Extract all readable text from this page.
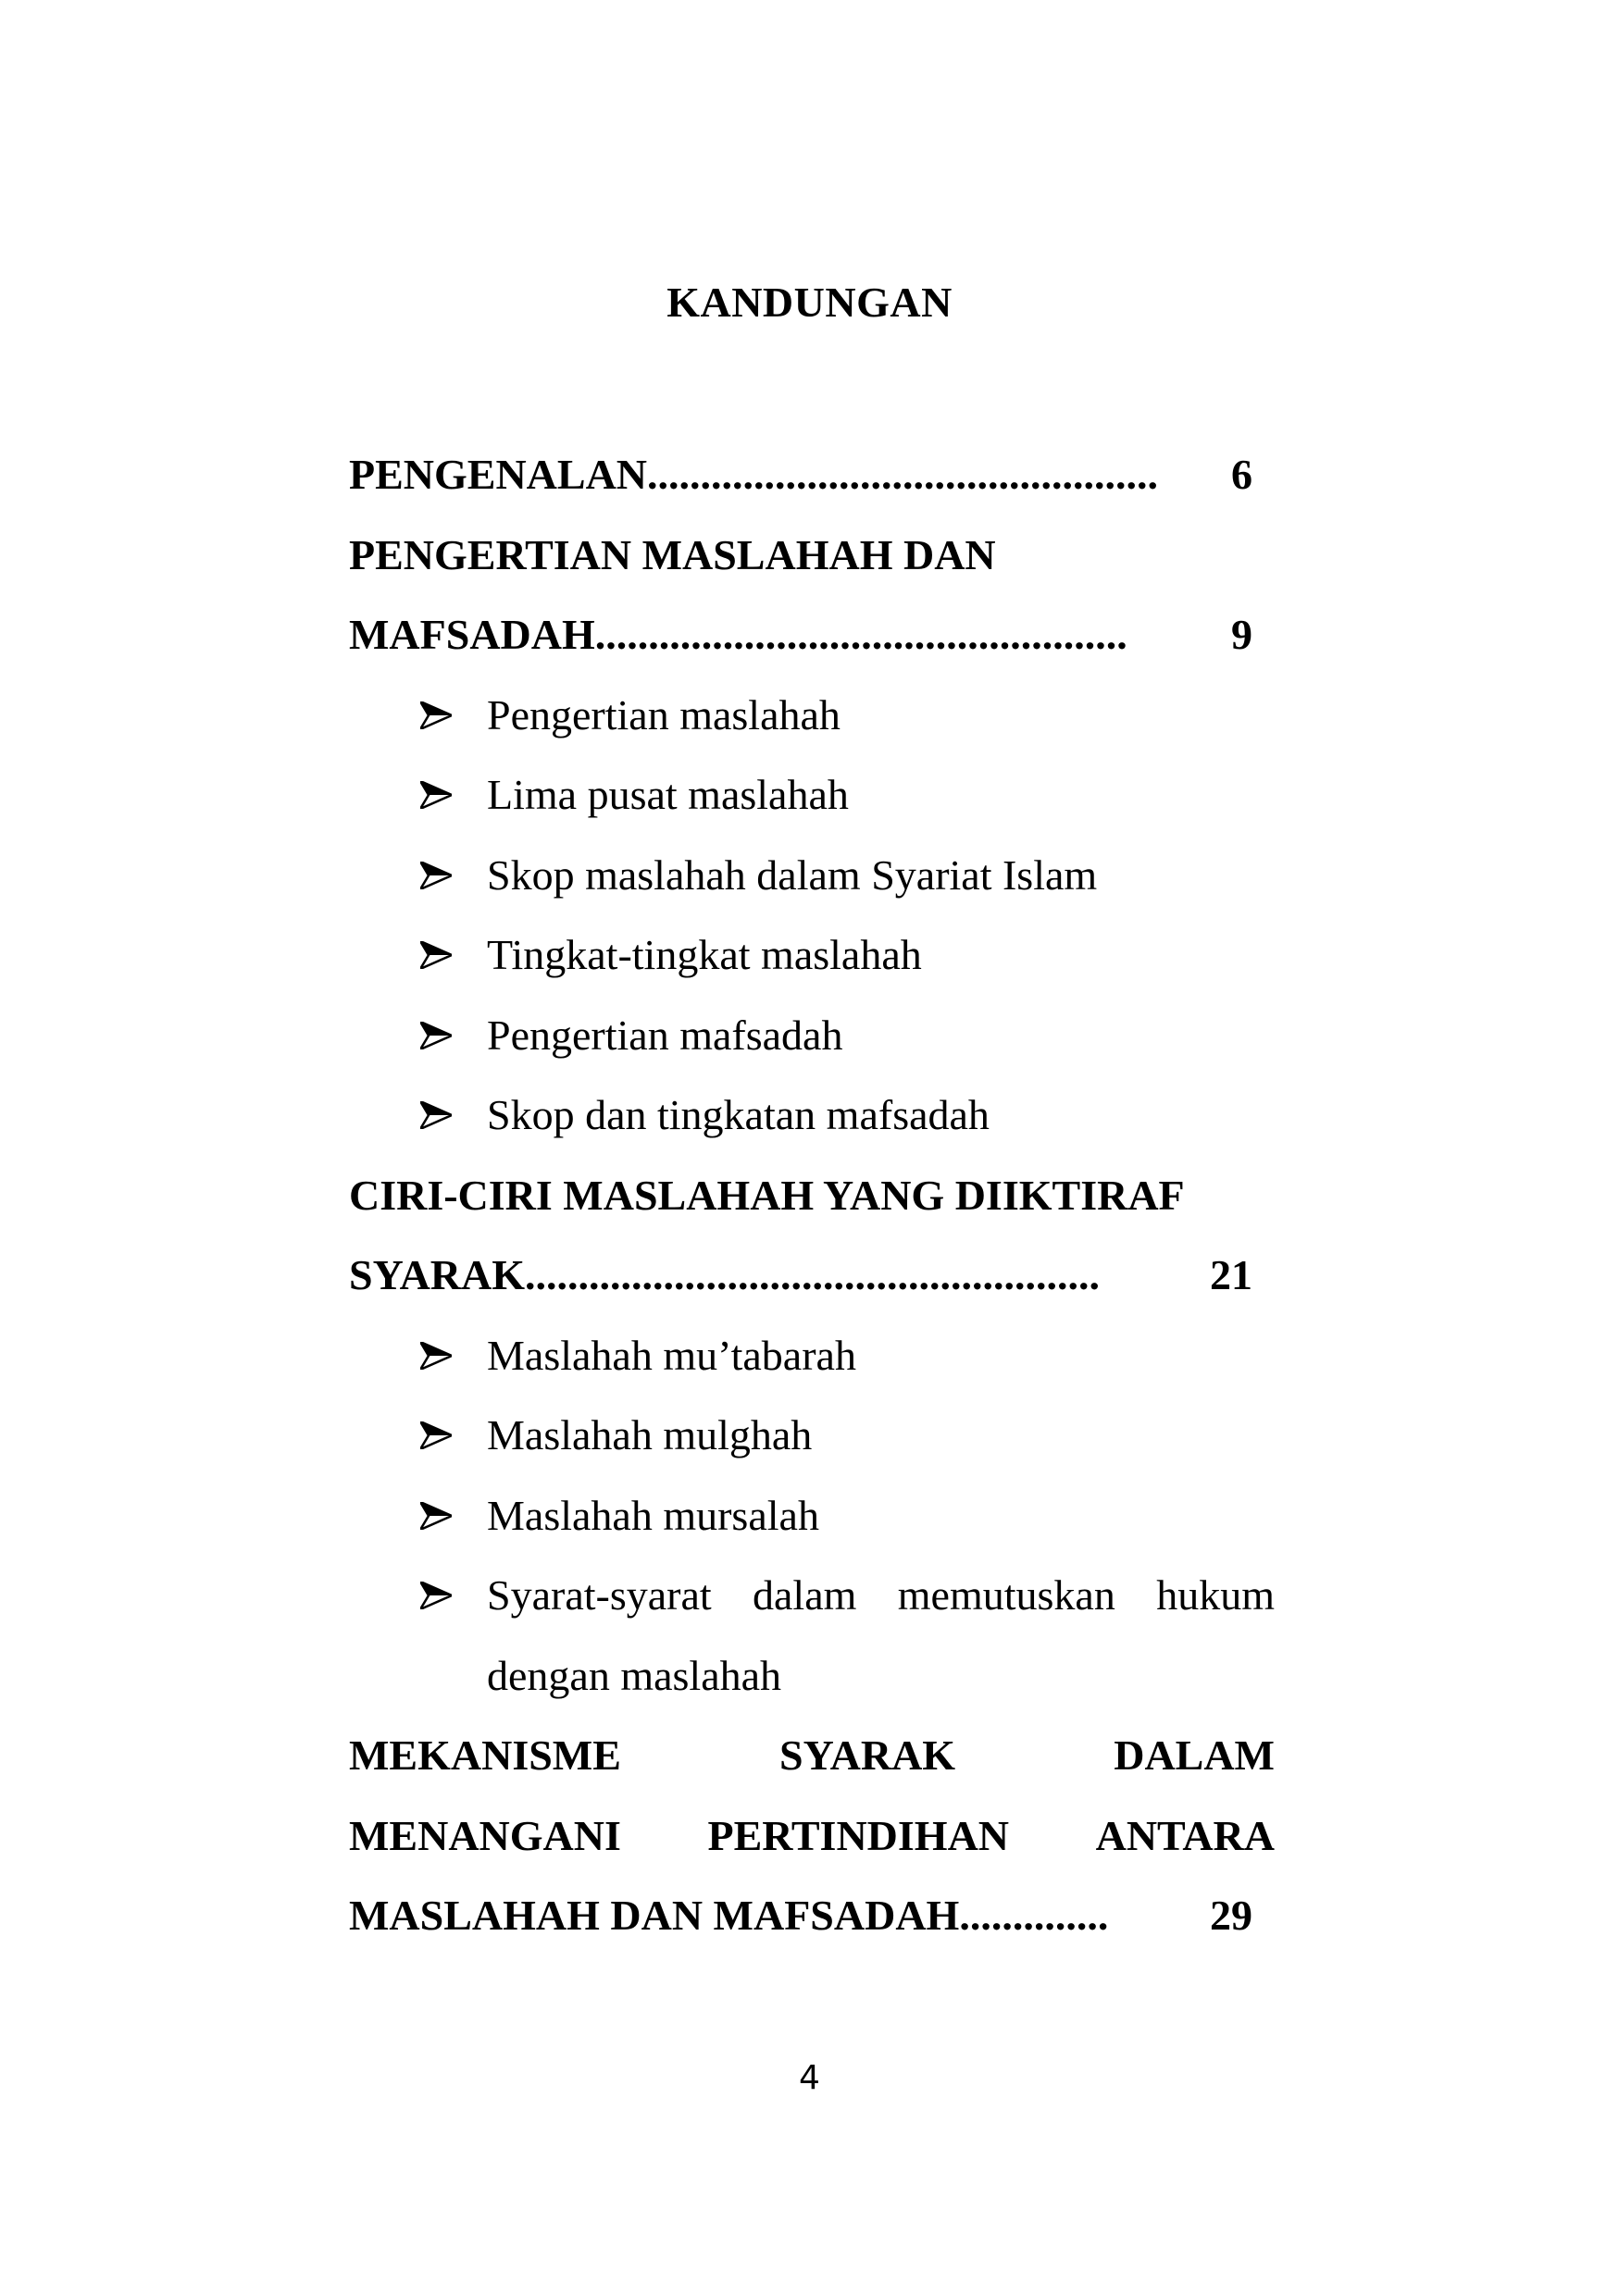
KANDUNGAN
PENGENALAN ................................................	6
PENGERTIAN MASLAHAH DAN
MAFSADAH ..................................................	9
Pengertian maslahah
Lima pusat maslahah
Skop maslahah dalam Syariat Islam
Tingkat-tingkat maslahah
Pengertian mafsadah
Skop dan tingkatan mafsadah
CIRI-CIRI MASLAHAH YANG DIIKTIRAF
SYARAK ......................................................	21
Maslahah mu’tabarah
Maslahah mulghah
Maslahah mursalah
Syarat-syarat dalam memutuskan hukum
dengan maslahah
MEKANISME	SYARAK	DALAM
MENANGANI PERTINDIHAN ANTARA
MASLAHAH DAN MAFSADAH ..............	29
4
